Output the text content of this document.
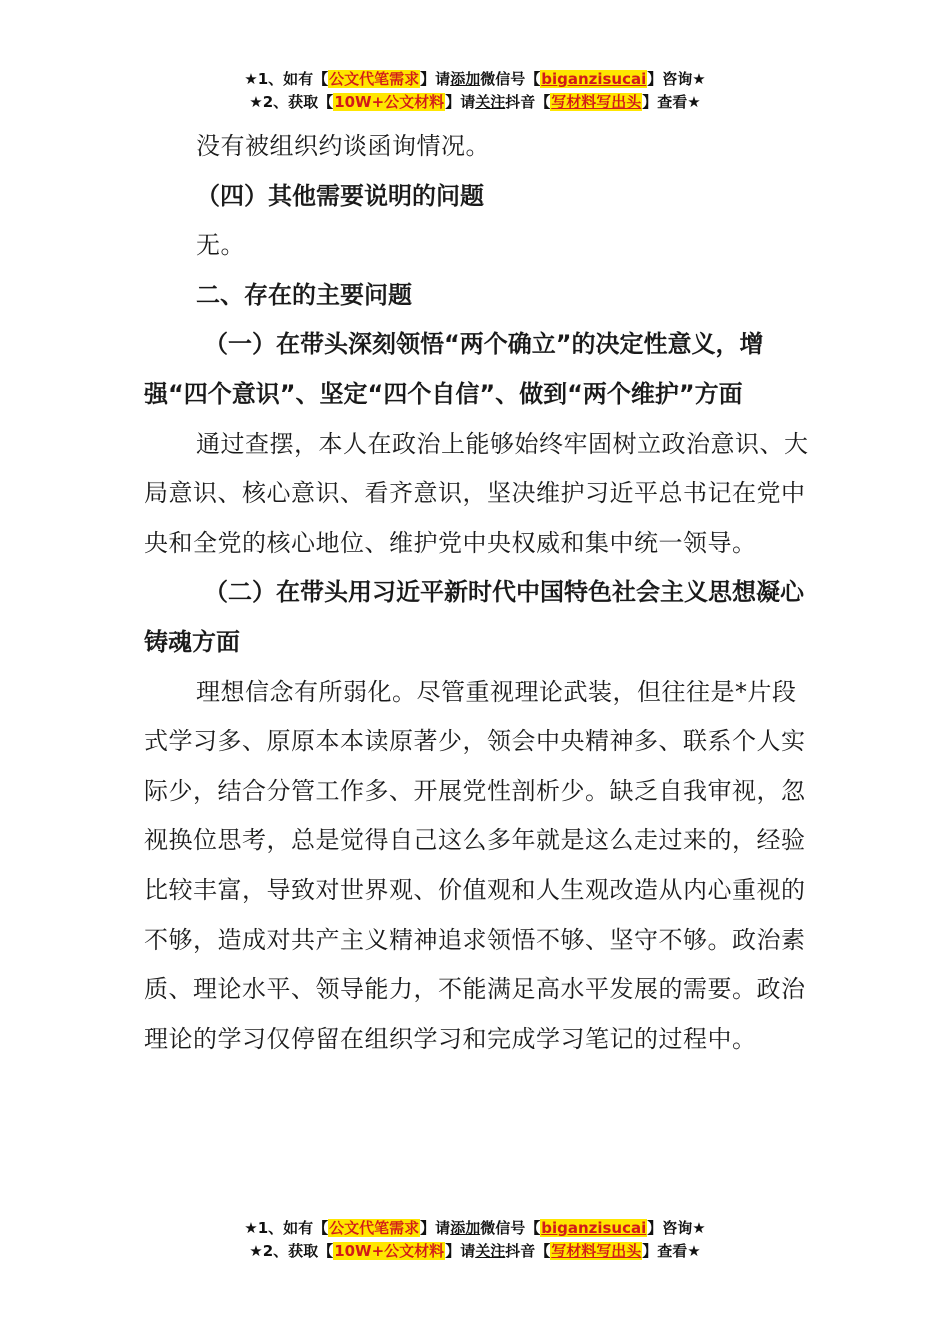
★1、如有【公文代笔需求】请添加微信号【biganzisucai】咨询★
★2、获取【10W+公文材料】请关注抖音【写材料写出头】查看★

没有被组织约谈函询情况。

（四）其他需要说明的问题

无。

二、存在的主要问题

（一）在带头深刻领悟“两个确立”的决定性意义，增强“四个意识”、坚定“四个自信”、做到“两个维护”方面

通过查摆，本人在政治上能够始终牢固树立政治意识、大局意识、核心意识、看齐意识，坚决维护习近平总书记在党中央和全党的核心地位、维护党中央权威和集中统一领导。

（二）在带头用习近平新时代中国特色社会主义思想凝心铸魂方面

理想信念有所弱化。尽管重视理论武装，但往往是*片段式学习多、原原本本读原著少，领会中央精神多、联系个人实际少，结合分管工作多、开展党性剖析少。缺乏自我审视，忽视换位思考，总是觉得自己这么多年就是这么走过来的，经验比较丰富，导致对世界观、价值观和人生观改造从内心重视的不够，造成对共产主义精神追求领悟不够、坚守不够。政治素质、理论水平、领导能力，不能满足高水平发展的需要。政治理论的学习仅停留在组织学习和完成学习笔记的过程中。

★1、如有【公文代笔需求】请添加微信号【biganzisucai】咨询★
★2、获取【10W+公文材料】请关注抖音【写材料写出头】查看★
